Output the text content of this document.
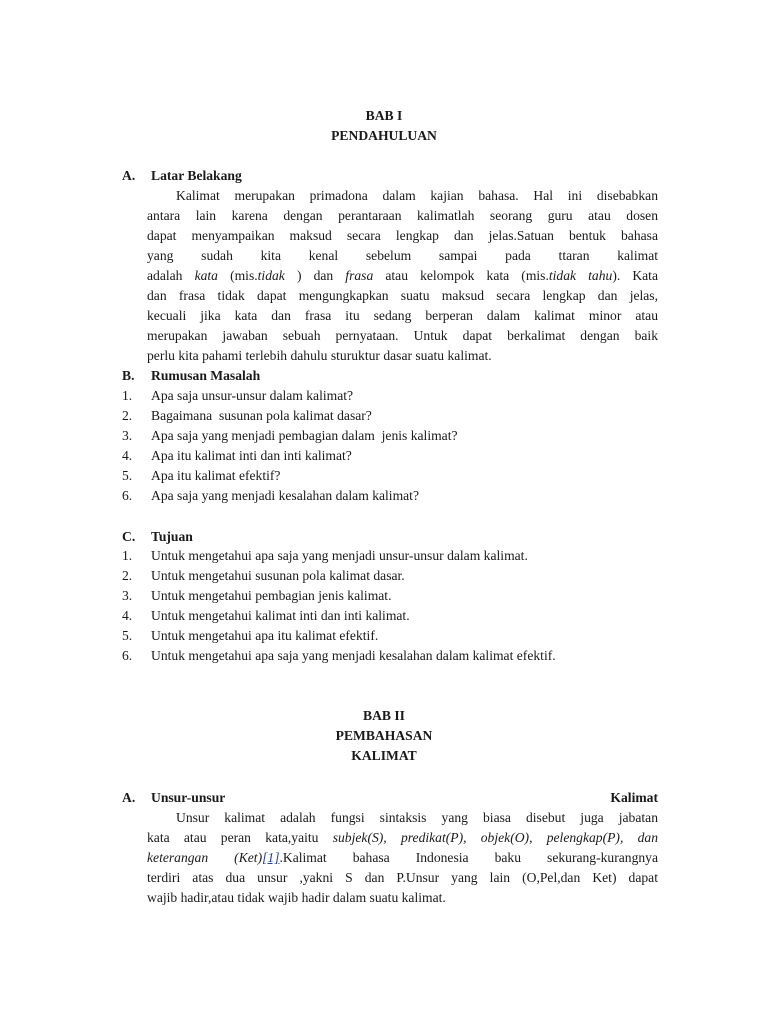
BAB I
PENDAHULUAN
A.	Latar Belakang
Kalimat merupakan primadona dalam kajian bahasa. Hal ini disebabkan
antara lain karena dengan perantaraan kalimatlah seorang guru atau dosen
dapat menyampaikan maksud secara lengkap dan jelas.Satuan bentuk bahasa
yang sudah kita kenal sebelum sampai pada ttaran kalimat
adalah kata (mis.tidak ) dan frasa atau kelompok kata (mis.tidak tahu). Kata
dan frasa tidak dapat mengungkapkan suatu maksud secara lengkap dan jelas,
kecuali jika kata dan frasa itu sedang berperan dalam kalimat minor atau
merupakan jawaban sebuah pernyataan. Untuk dapat berkalimat dengan baik
perlu kita pahami terlebih dahulu sturuktur dasar suatu kalimat.
B.	Rumusan Masalah
1.	Apa saja unsur-unsur dalam kalimat?
2.	Bagaimana  susunan pola kalimat dasar?
3.	Apa saja yang menjadi pembagian dalam  jenis kalimat?
4.	Apa itu kalimat inti dan inti kalimat?
5.	Apa itu kalimat efektif?
6.	Apa saja yang menjadi kesalahan dalam kalimat?
C.	Tujuan
1.	Untuk mengetahui apa saja yang menjadi unsur-unsur dalam kalimat.
2.	Untuk mengetahui susunan pola kalimat dasar.
3.	Untuk mengetahui pembagian jenis kalimat.
4.	Untuk mengetahui kalimat inti dan inti kalimat.
5.	Untuk mengetahui apa itu kalimat efektif.
6.	Untuk mengetahui apa saja yang menjadi kesalahan dalam kalimat efektif.
BAB II
PEMBAHASAN
KALIMAT
A.	Unsur-unsur	Kalimat
Unsur kalimat adalah fungsi sintaksis yang biasa disebut juga jabatan
kata atau peran kata,yaitu subjek(S), predikat(P), objek(O), pelengkap(P), dan
keterangan (Ket)[1].Kalimat bahasa Indonesia baku sekurang-kurangnya
terdiri atas dua unsur ,yakni S dan P.Unsur yang lain (O,Pel,dan Ket) dapat
wajib hadir,atau tidak wajib hadir dalam suatu kalimat.
